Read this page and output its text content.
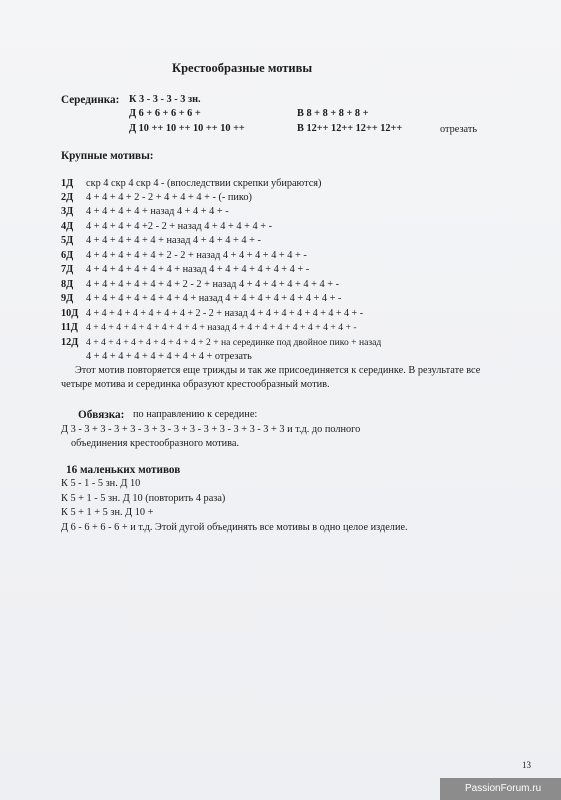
Крестообразные мотивы
Серединка: К 3 - 3 - 3 - 3 зн.
Д 6 + 6 + 6 + 6 +	В 8 + 8 + 8 + 8 +
Д 10 ++ 10 ++ 10 ++ 10 ++	В 12++ 12++ 12++ 12++	отрезать
Крупные мотивы:
1Д скр 4 скр 4 скр 4 - (впоследствии скрепки убираются)
2Д 4 + 4 + 4 + 2 - 2 + 4 + 4 + 4 + - (- пико)
3Д 4 + 4 + 4 + 4 + назад 4 + 4 + 4 + -
4Д 4 + 4 + 4 + 4 +2 - 2 + назад 4 + 4 + 4 + 4 + -
5Д 4 + 4 + 4 + 4 + 4 + назад 4 + 4 + 4 + 4 + -
6Д 4 + 4 + 4 + 4 + 4 + 2 - 2 + назад 4 + 4 + 4 + 4 + 4 + -
7Д 4 + 4 + 4 + 4 + 4 + 4 + назад 4 + 4 + 4 + 4 + 4 + 4 + -
8Д 4 + 4 + 4 + 4 + 4 + 4 + 2 - 2 + назад 4 + 4 + 4 + 4 + 4 + 4 + -
9Д 4 + 4 + 4 + 4 + 4 + 4 + 4 + назад 4 + 4 + 4 + 4 + 4 + 4 + 4 + -
10Д 4 + 4 + 4 + 4 + 4 + 4 + 4 + 2 - 2 + назад 4 + 4 + 4 + 4 + 4 + 4 + 4 + -
11Д 4 + 4 + 4 + 4 + 4 + 4 + 4 + 4 + назад 4 + 4 + 4 + 4 + 4 + 4 + 4 + 4 + -
12Д 4 + 4 + 4 + 4 + 4 + 4 + 4 + 4 + 2 + на серединке под двойное пико + назад
4 + 4 + 4 + 4 + 4 + 4 + 4 + 4 + отрезать
Этот мотив повторяется еще трижды и так же присоединяется к серединке. В результате все
четыре мотива и серединка образуют крестообразный мотив.
Обвязка: по направлению к середине:
Д 3 - 3 + 3 - 3 + 3 - 3 + 3 - 3 + 3 - 3 + 3 - 3 + 3 - 3 + 3 и т.д. до полного
объединения крестообразного мотива.
16 маленьких мотивов
К 5 - 1 - 5 зн. Д 10
К 5 + 1 - 5 зн. Д 10 (повторить 4 раза)
К 5 + 1 + 5 зн. Д 10 +
Д 6 - 6 + 6 - 6 + и т.д. Этой дугой объединять все мотивы в одно целое изделие.
13
PassionForum.ru
